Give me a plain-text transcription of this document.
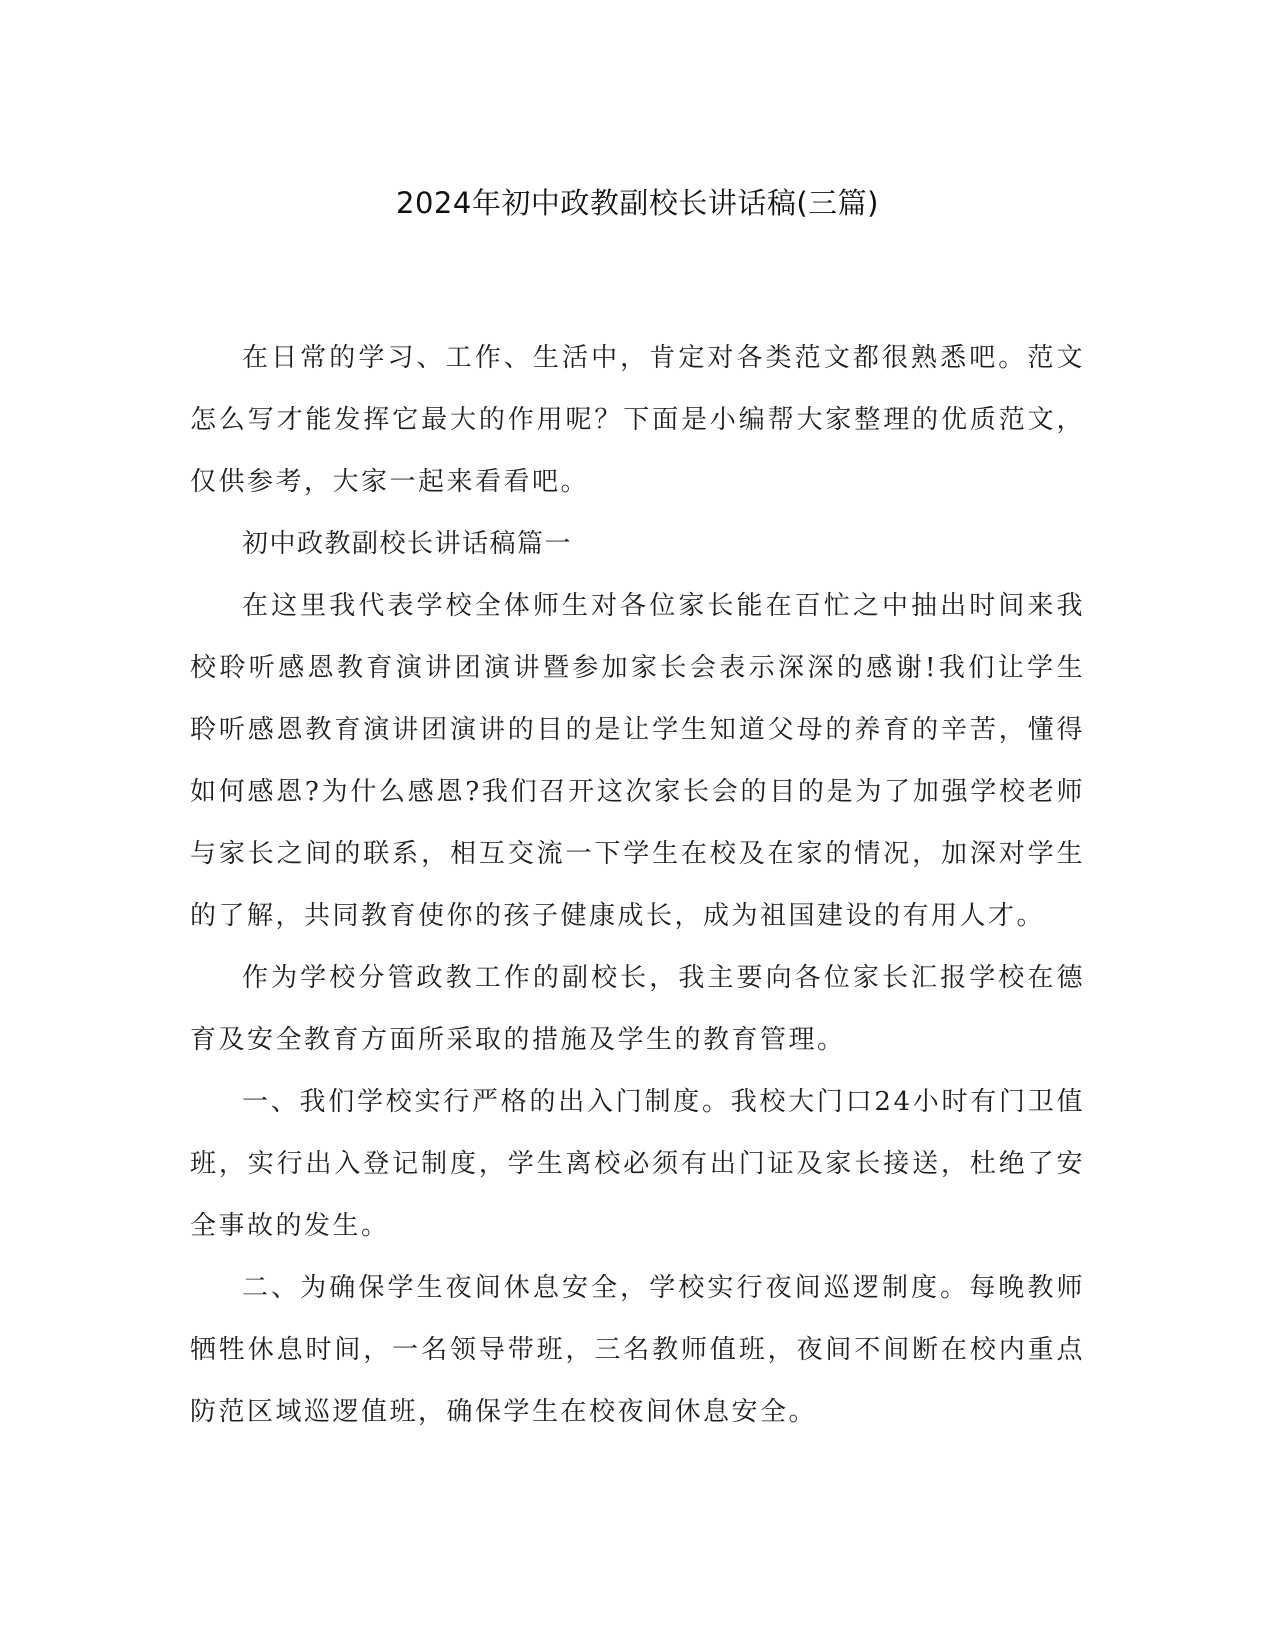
2024年初中政教副校长讲话稿(三篇)

在日常的学习、工作、生活中，肯定对各类范文都很熟悉吧。范文怎么写才能发挥它最大的作用呢？下面是小编帮大家整理的优质范文，仅供参考，大家一起来看看吧。

初中政教副校长讲话稿篇一

在这里我代表学校全体师生对各位家长能在百忙之中抽出时间来我校聆听感恩教育演讲团演讲暨参加家长会表示深深的感谢!我们让学生聆听感恩教育演讲团演讲的目的是让学生知道父母的养育的辛苦，懂得如何感恩?为什么感恩?我们召开这次家长会的目的是为了加强学校老师与家长之间的联系，相互交流一下学生在校及在家的情况，加深对学生的了解，共同教育使你的孩子健康成长，成为祖国建设的有用人才。

作为学校分管政教工作的副校长，我主要向各位家长汇报学校在德育及安全教育方面所采取的措施及学生的教育管理。

一、我们学校实行严格的出入门制度。我校大门口24小时有门卫值班，实行出入登记制度，学生离校必须有出门证及家长接送，杜绝了安全事故的发生。

二、为确保学生夜间休息安全，学校实行夜间巡逻制度。每晚教师牺牲休息时间，一名领导带班，三名教师值班，夜间不间断在校内重点防范区域巡逻值班，确保学生在校夜间休息安全。
